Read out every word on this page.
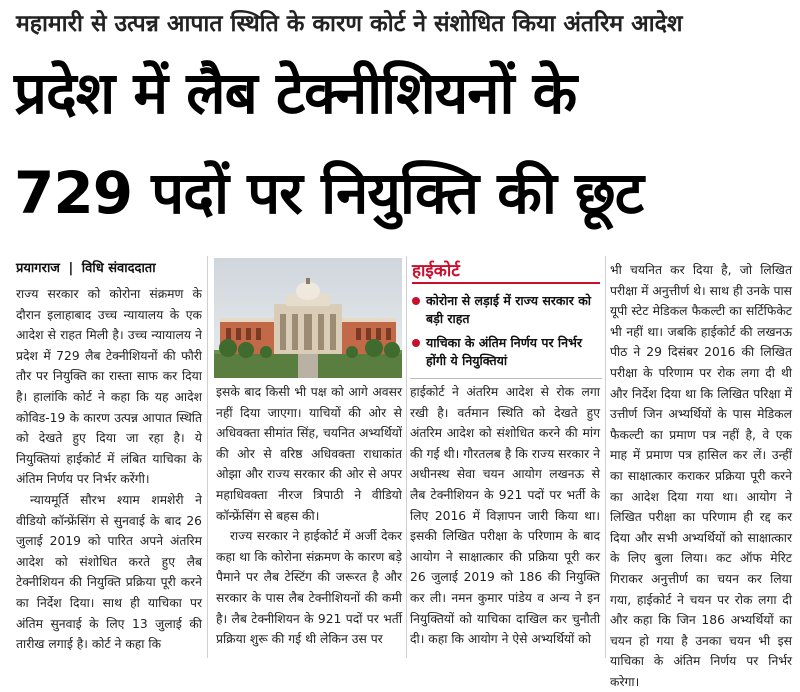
महामारी से उत्पन्न आपात स्थिति के कारण कोर्ट ने संशोधित किया अंतरिम आदेश
प्रदेश में लैब टेक्नीशियनों के
729 पदों पर नियुक्ति की छूट
प्रयागराज | विधि संवाददाता

राज्य सरकार को कोरोना संक्रमण के दौरान इलाहाबाद उच्च न्यायालय के एक आदेश से राहत मिली है। उच्च न्यायालय ने प्रदेश में 729 लैब टेक्नीशियनों की फौरी तौर पर नियुक्ति का रास्ता साफ कर दिया है। हालांकि कोर्ट ने कहा कि यह आदेश कोविड-19 के कारण उत्पन्न आपात स्थिति को देखते हुए दिया जा रहा है। ये नियुक्तियां हाईकोर्ट में लंबित याचिका के अंतिम निर्णय पर निर्भर करेंगी।

न्यायमूर्ति सौरभ श्याम शमशेरी ने वीडियो कॉन्फ्रेंसिंग से सुनवाई के बाद 26 जुलाई 2019 को पारित अपने अंतरिम आदेश को संशोधित करते हुए लैब टेक्नीशियन की नियुक्ति प्रक्रिया पूरी करने का निर्देश दिया। साथ ही याचिका पर अंतिम सुनवाई के लिए 13 जुलाई की तारीख लगाई है। कोर्ट ने कहा कि

इसके बाद किसी भी पक्ष को आगे अवसर नहीं दिया जाएगा। याचियों की ओर से अधिवक्ता सीमांत सिंह, चयनित अभ्यर्थियों की ओर से वरिष्ठ अधिवक्ता राधाकांत ओझा और राज्य सरकार की ओर से अपर महाधिवक्ता नीरज त्रिपाठी ने वीडियो कॉन्फ्रेंसिंग से बहस की।

राज्य सरकार ने हाईकोर्ट में अर्जी देकर कहा था कि कोरोना संक्रमण के कारण बड़े पैमाने पर लैब टेस्टिंग की जरूरत है और सरकार के पास लैब टेक्नीशियनों की कमी है। लैब टेक्नीशियन के 921 पदों पर भर्ती प्रक्रिया शुरू की गई थी लेकिन उस पर

हाईकोर्ट
कोरोना से लड़ाई में राज्य सरकार को बड़ी राहत
याचिका के अंतिम निर्णय पर निर्भर होंगी ये नियुक्तियां

हाईकोर्ट ने अंतरिम आदेश से रोक लगा रखी है। वर्तमान स्थिति को देखते हुए अंतरिम आदेश को संशोधित करने की मांग की गई थी। गौरतलब है कि राज्य सरकार ने अधीनस्थ सेवा चयन आयोग लखनऊ से लैब टेक्नीशियन के 921 पदों पर भर्ती के लिए 2016 में विज्ञापन जारी किया था। इसकी लिखित परीक्षा के परिणाम के बाद आयोग ने साक्षात्कार की प्रक्रिया पूरी कर 26 जुलाई 2019 को 186 की नियुक्ति कर ली। नमन कुमार पांडेय व अन्य ने इन नियुक्तियों को याचिका दाखिल कर चुनौती दी। कहा कि आयोग ने ऐसे अभ्यर्थियों को

भी चयनित कर दिया है, जो लिखित परीक्षा में अनुत्तीर्ण थे। साथ ही उनके पास यूपी स्टेट मेडिकल फैकल्टी का सर्टिफिकेट भी नहीं था। जबकि हाईकोर्ट की लखनऊ पीठ ने 29 दिसंबर 2016 की लिखित परीक्षा के परिणाम पर रोक लगा दी थी और निर्देश दिया था कि लिखित परिक्षा में उत्तीर्ण जिन अभ्यर्थियों के पास मेडिकल फैकल्टी का प्रमाण पत्र नहीं है, वे एक माह में प्रमाण पत्र हासिल कर लें। उन्हीं का साक्षात्कार कराकर प्रक्रिया पूरी करने का आदेश दिया गया था। आयोग ने लिखित परीक्षा का परिणाम ही रद्द कर दिया और सभी अभ्यर्थियों को साक्षात्कार के लिए बुला लिया। कट ऑफ मेरिट गिराकर अनुत्तीर्ण का चयन कर लिया गया, हाईकोर्ट ने चयन पर रोक लगा दी और कहा कि जिन 186 अभ्यर्थियों का चयन हो गया है उनका चयन भी इस याचिका के अंतिम निर्णय पर निर्भर करेगा।
